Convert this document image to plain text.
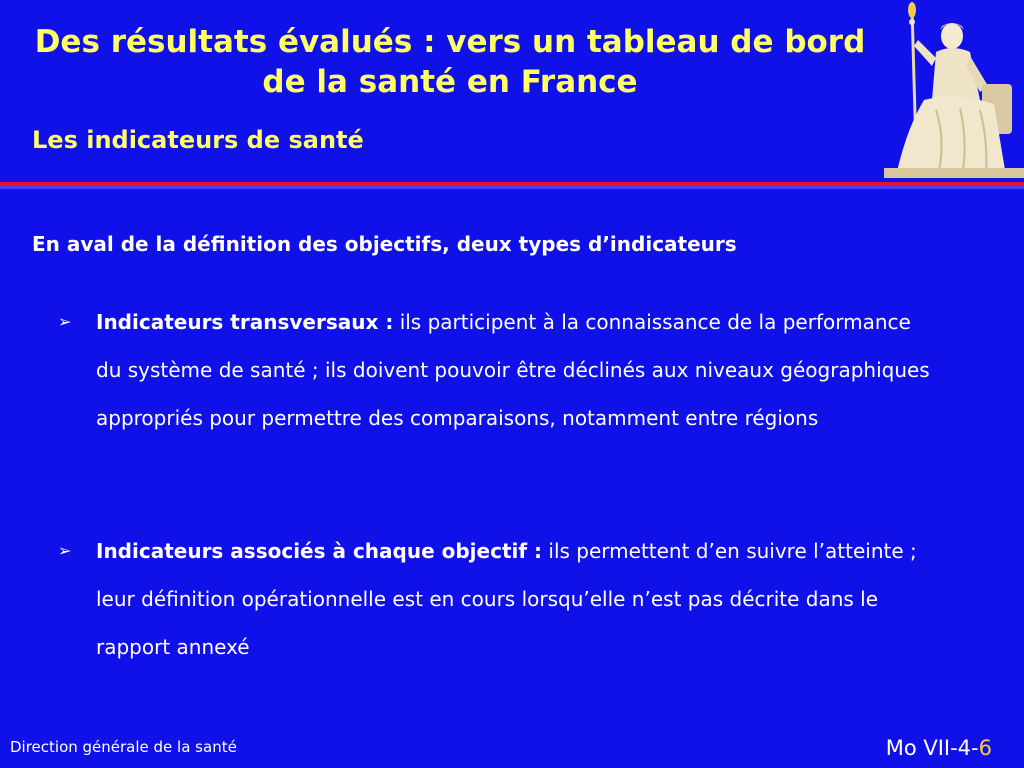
Des résultats évalués : vers un tableau de bord de la santé en France
Les indicateurs de santé
En aval de la définition des objectifs, deux types d’indicateurs
➢ Indicateurs transversaux : ils participent à la connaissance de la performance du système de santé ; ils doivent pouvoir être déclinés aux niveaux géographiques appropriés pour permettre des comparaisons, notamment entre régions
➢ Indicateurs associés à chaque objectif : ils permettent d’en suivre l’atteinte ; leur définition opérationnelle est en cours lorsqu’elle n’est pas décrite dans le rapport annexé
Direction générale de la santé	Mo VII-4-6
